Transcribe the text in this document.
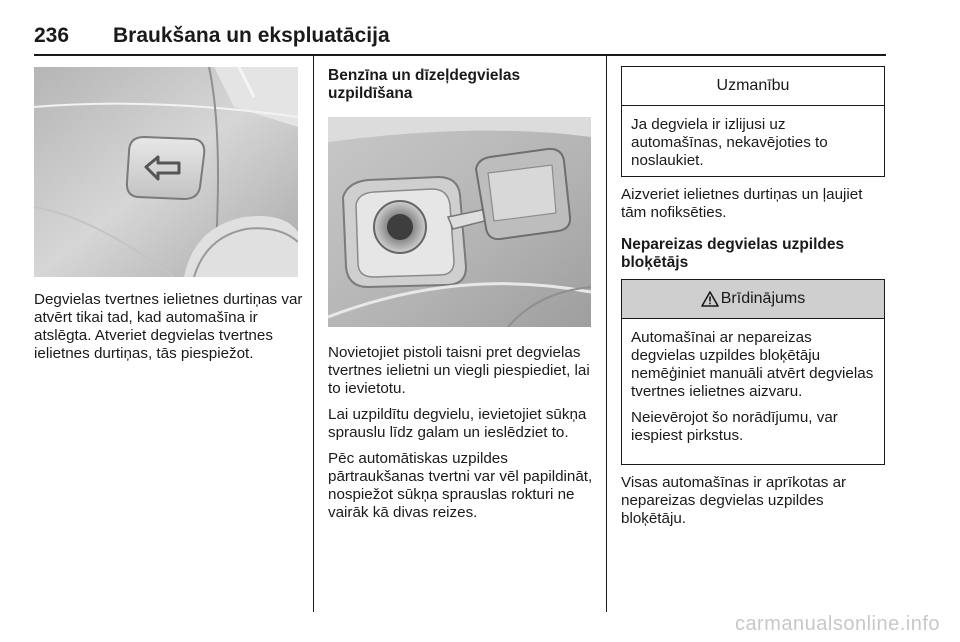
236 Braukšana un ekspluatācija

Degvielas tvertnes ielietnes durtiņas var atvērt tikai tad, kad automašīna ir atslēgta. Atveriet degvielas tvertnes ielietnes durtiņas, tās piespiežot.

Benzīna un dīzeļdegvielas uzpildīšana

Novietojiet pistoli taisni pret degvielas tvertnes ielietni un viegli piespiediet, lai to ievietotu.

Lai uzpildītu degvielu, ievietojiet sūkņa sprauslu līdz galam un ieslēdziet to.

Pēc automātiskas uzpildes pārtraukšanas tvertni var vēl papildināt, nospiežot sūkņa sprauslas rokturi ne vairāk kā divas reizes.

Uzmanību

Ja degviela ir izlijusi uz automašīnas, nekavējoties to noslaukiet.

Aizveriet ielietnes durtiņas un ļaujiet tām nofiksēties.

Nepareizas degvielas uzpildes bloķētājs
Brīdinājums

Automašīnai ar nepareizas degvielas uzpildes bloķētāju nemēģiniet manuāli atvērt degvielas tvertnes ielietnes aizvaru.

Neievērojot šo norādījumu, var iespiest pirkstus.

Visas automašīnas ir aprīkotas ar nepareizas degvielas uzpildes bloķētāju.

carmanualsonline.info
